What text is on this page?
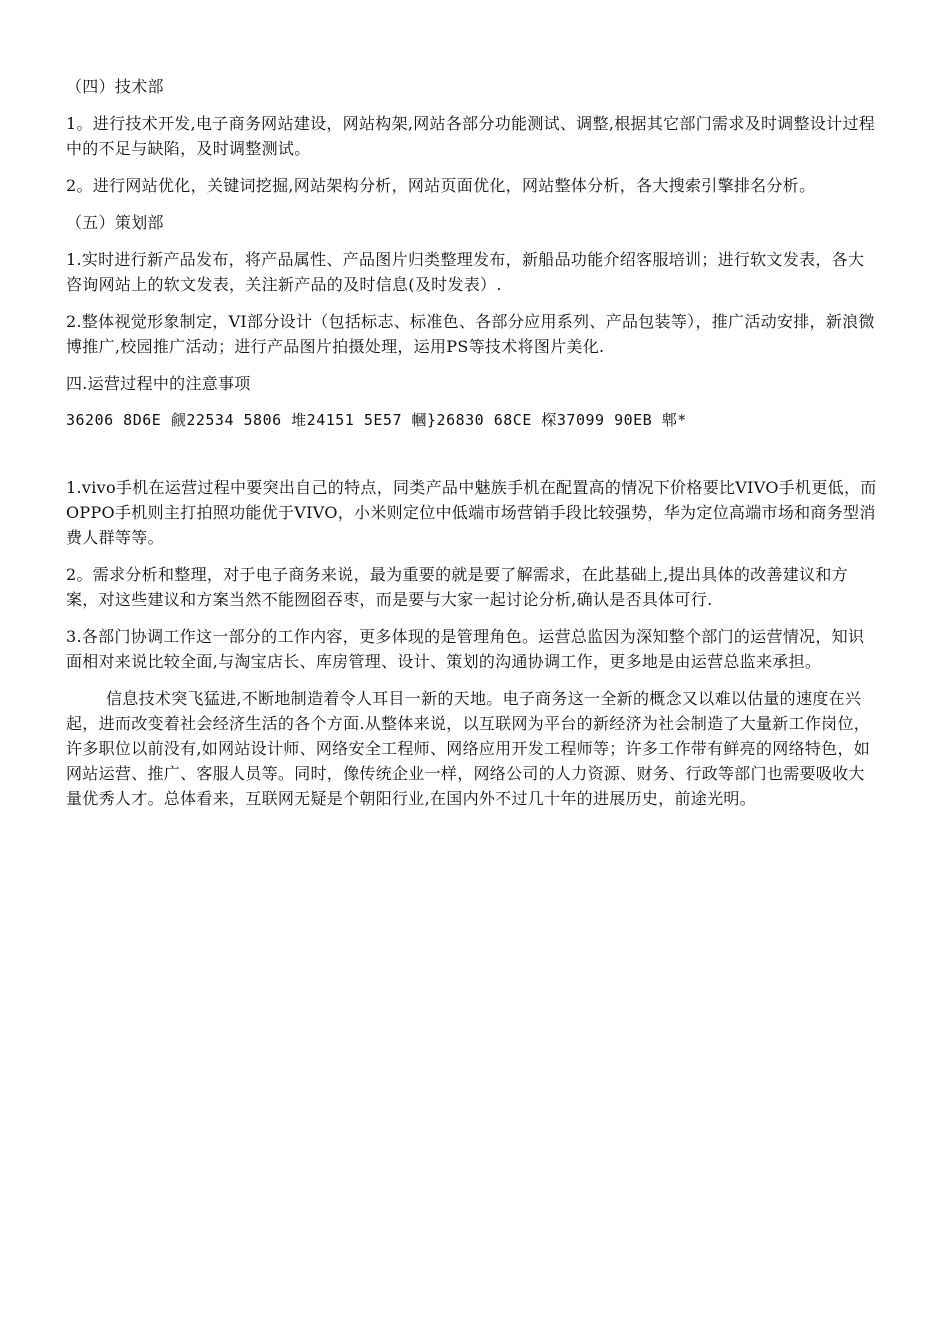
（四）技术部

1。进行技术开发,电子商务网站建设，网站构架,网站各部分功能测试、调整,根据其它部门需求及时调整设计过程中的不足与缺陷，及时调整测试。

2。进行网站优化，关键词挖掘,网站架构分析，网站页面优化，网站整体分析，各大搜索引擎排名分析。

（五）策划部

1.实时进行新产品发布，将产品属性、产品图片归类整理发布，新船品功能介绍客服培训；进行软文发表，各大咨询网站上的软文发表，关注新产品的及时信息(及时发表）.

2.整体视觉形象制定，VI部分设计（包括标志、标准色、各部分应用系列、产品包装等），推广活动安排，新浪微博推广,校园推广活动；进行产品图片拍摄处理，运用PS等技术将图片美化.

四.运营过程中的注意事项

36206 8D6E 觎22534 5806 堆24151 5E57 幗}26830 68CE 棎37099 90EB 郫*

1.vivo手机在运营过程中要突出自己的特点，同类产品中魅族手机在配置高的情况下价格要比VIVO手机更低，而OPPO手机则主打拍照功能优于VIVO，小米则定位中低端市场营销手段比较强势，华为定位高端市场和商务型消费人群等等。

2。需求分析和整理，对于电子商务来说，最为重要的就是要了解需求，在此基础上,提出具体的改善建议和方案，对这些建议和方案当然不能囫囵吞枣，而是要与大家一起讨论分析,确认是否具体可行.

3.各部门协调工作这一部分的工作内容，更多体现的是管理角色。运营总监因为深知整个部门的运营情况，知识面相对来说比较全面,与淘宝店长、库房管理、设计、策划的沟通协调工作，更多地是由运营总监来承担。

信息技术突飞猛进,不断地制造着令人耳目一新的天地。电子商务这一全新的概念又以难以估量的速度在兴起，进而改变着社会经济生活的各个方面.从整体来说，以互联网为平台的新经济为社会制造了大量新工作岗位，许多职位以前没有,如网站设计师、网络安全工程师、网络应用开发工程师等；许多工作带有鲜亮的网络特色，如网站运营、推广、客服人员等。同时，像传统企业一样，网络公司的人力资源、财务、行政等部门也需要吸收大量优秀人才。总体看来，互联网无疑是个朝阳行业,在国内外不过几十年的进展历史，前途光明。
